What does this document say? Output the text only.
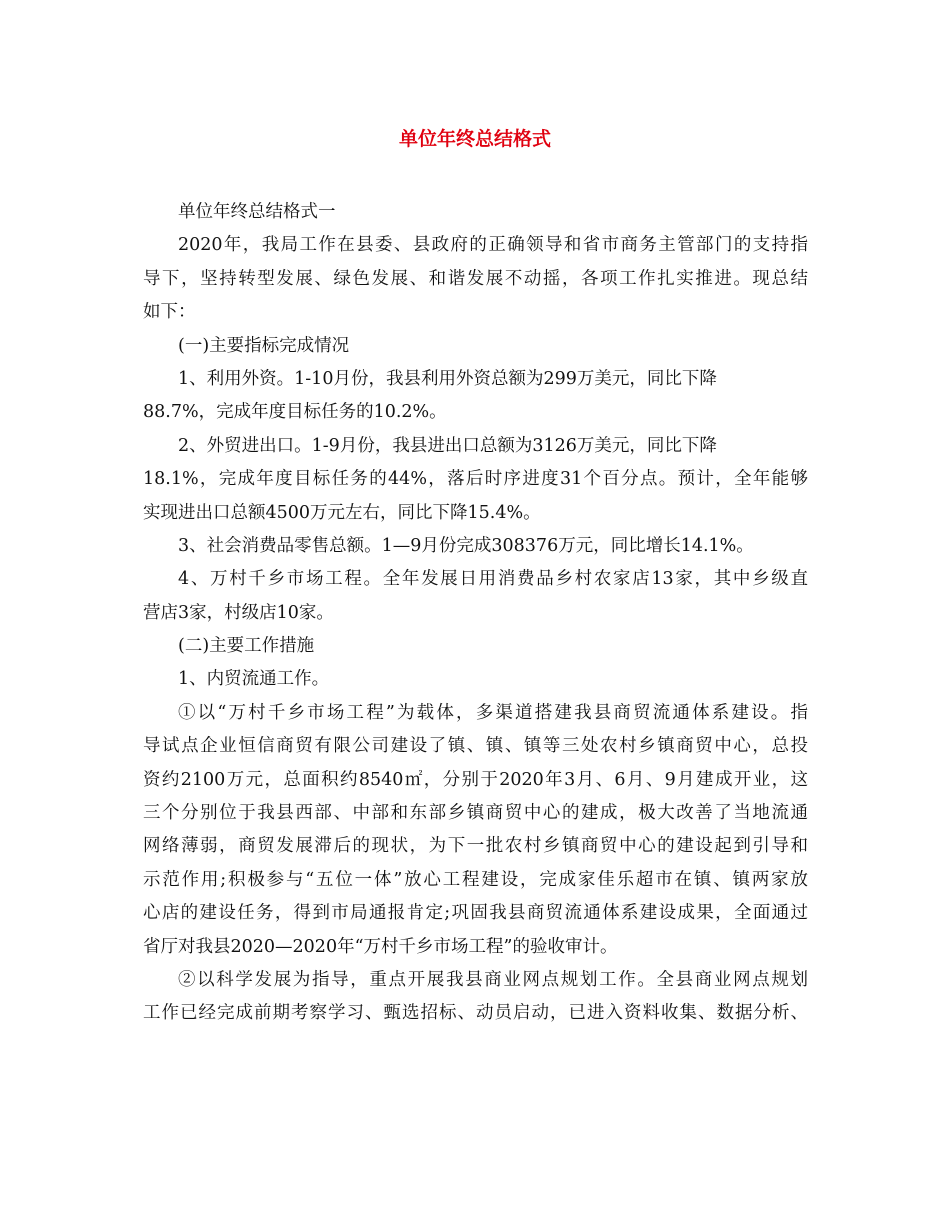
单位年终总结格式
单位年终总结格式一
2020年，我局工作在县委、县政府的正确领导和省市商务主管部门的支持指
导下，坚持转型发展、绿色发展、和谐发展不动摇，各项工作扎实推进。现总结
如下：
(一)主要指标完成情况
1、利用外资。1-10月份，我县利用外资总额为299万美元，同比下降
88.7%，完成年度目标任务的10.2%。
2、外贸进出口。1-9月份，我县进出口总额为3126万美元，同比下降
18.1%，完成年度目标任务的44%，落后时序进度31个百分点。预计，全年能够
实现进出口总额4500万元左右，同比下降15.4%。
3、社会消费品零售总额。1—9月份完成308376万元，同比增长14.1%。
4、万村千乡市场工程。全年发展日用消费品乡村农家店13家，其中乡级直
营店3家，村级店10家。
(二)主要工作措施
1、内贸流通工作。
①以“万村千乡市场工程”为载体，多渠道搭建我县商贸流通体系建设。指
导试点企业恒信商贸有限公司建设了镇、镇、镇等三处农村乡镇商贸中心，总投
资约2100万元，总面积约8540㎡，分别于2020年3月、6月、9月建成开业，这
三个分别位于我县西部、中部和东部乡镇商贸中心的建成，极大改善了当地流通
网络薄弱，商贸发展滞后的现状，为下一批农村乡镇商贸中心的建设起到引导和
示范作用;积极参与“五位一体”放心工程建设，完成家佳乐超市在镇、镇两家放
心店的建设任务，得到市局通报肯定;巩固我县商贸流通体系建设成果，全面通过
省厅对我县2020—2020年“万村千乡市场工程”的验收审计。
②以科学发展为指导，重点开展我县商业网点规划工作。全县商业网点规划
工作已经完成前期考察学习、甄选招标、动员启动，已进入资料收集、数据分析、
